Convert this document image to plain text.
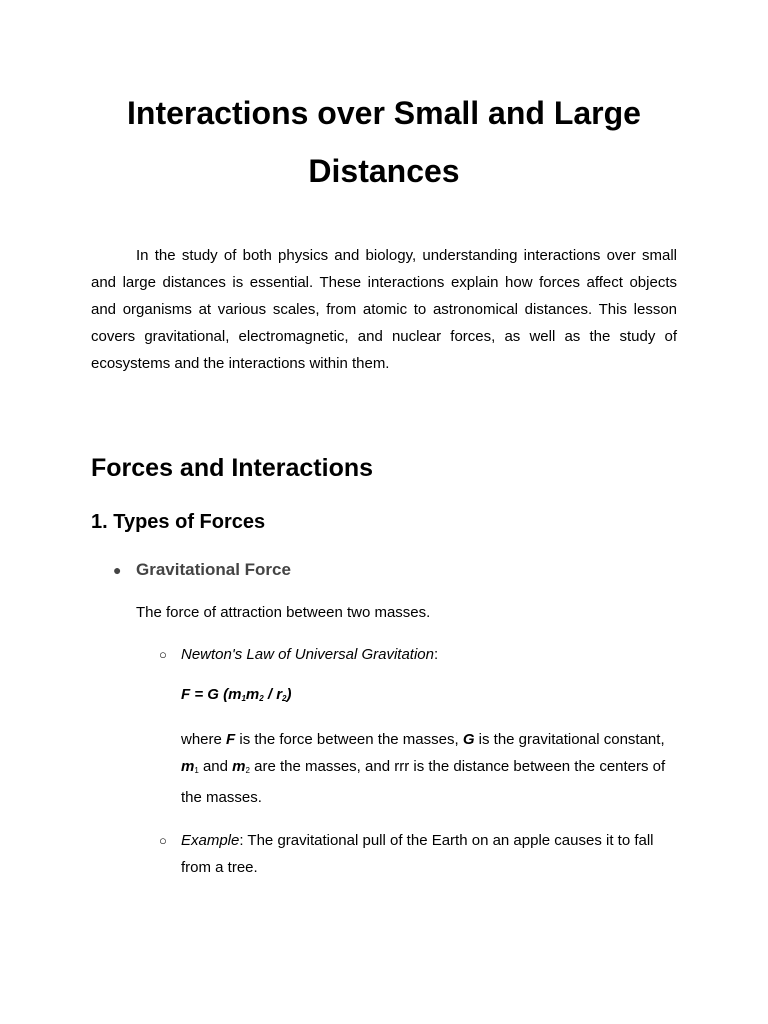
Interactions over Small and Large Distances

In the study of both physics and biology, understanding interactions over small and large distances is essential. These interactions explain how forces affect objects and organisms at various scales, from atomic to astronomical distances. This lesson covers gravitational, electromagnetic, and nuclear forces, as well as the study of ecosystems and the interactions within them.

Forces and Interactions
1. Types of Forces
● Gravitational Force

The force of attraction between two masses.

○ Newton's Law of Universal Gravitation:
F = G $(m_1m_2 / r_2)$

where F is the force between the masses, G is the gravitational constant, $m_1$ and $m_2$ are the masses, and rrr is the distance between the centers of the masses.

○ Example: The gravitational pull of the Earth on an apple causes it to fall from a tree.
